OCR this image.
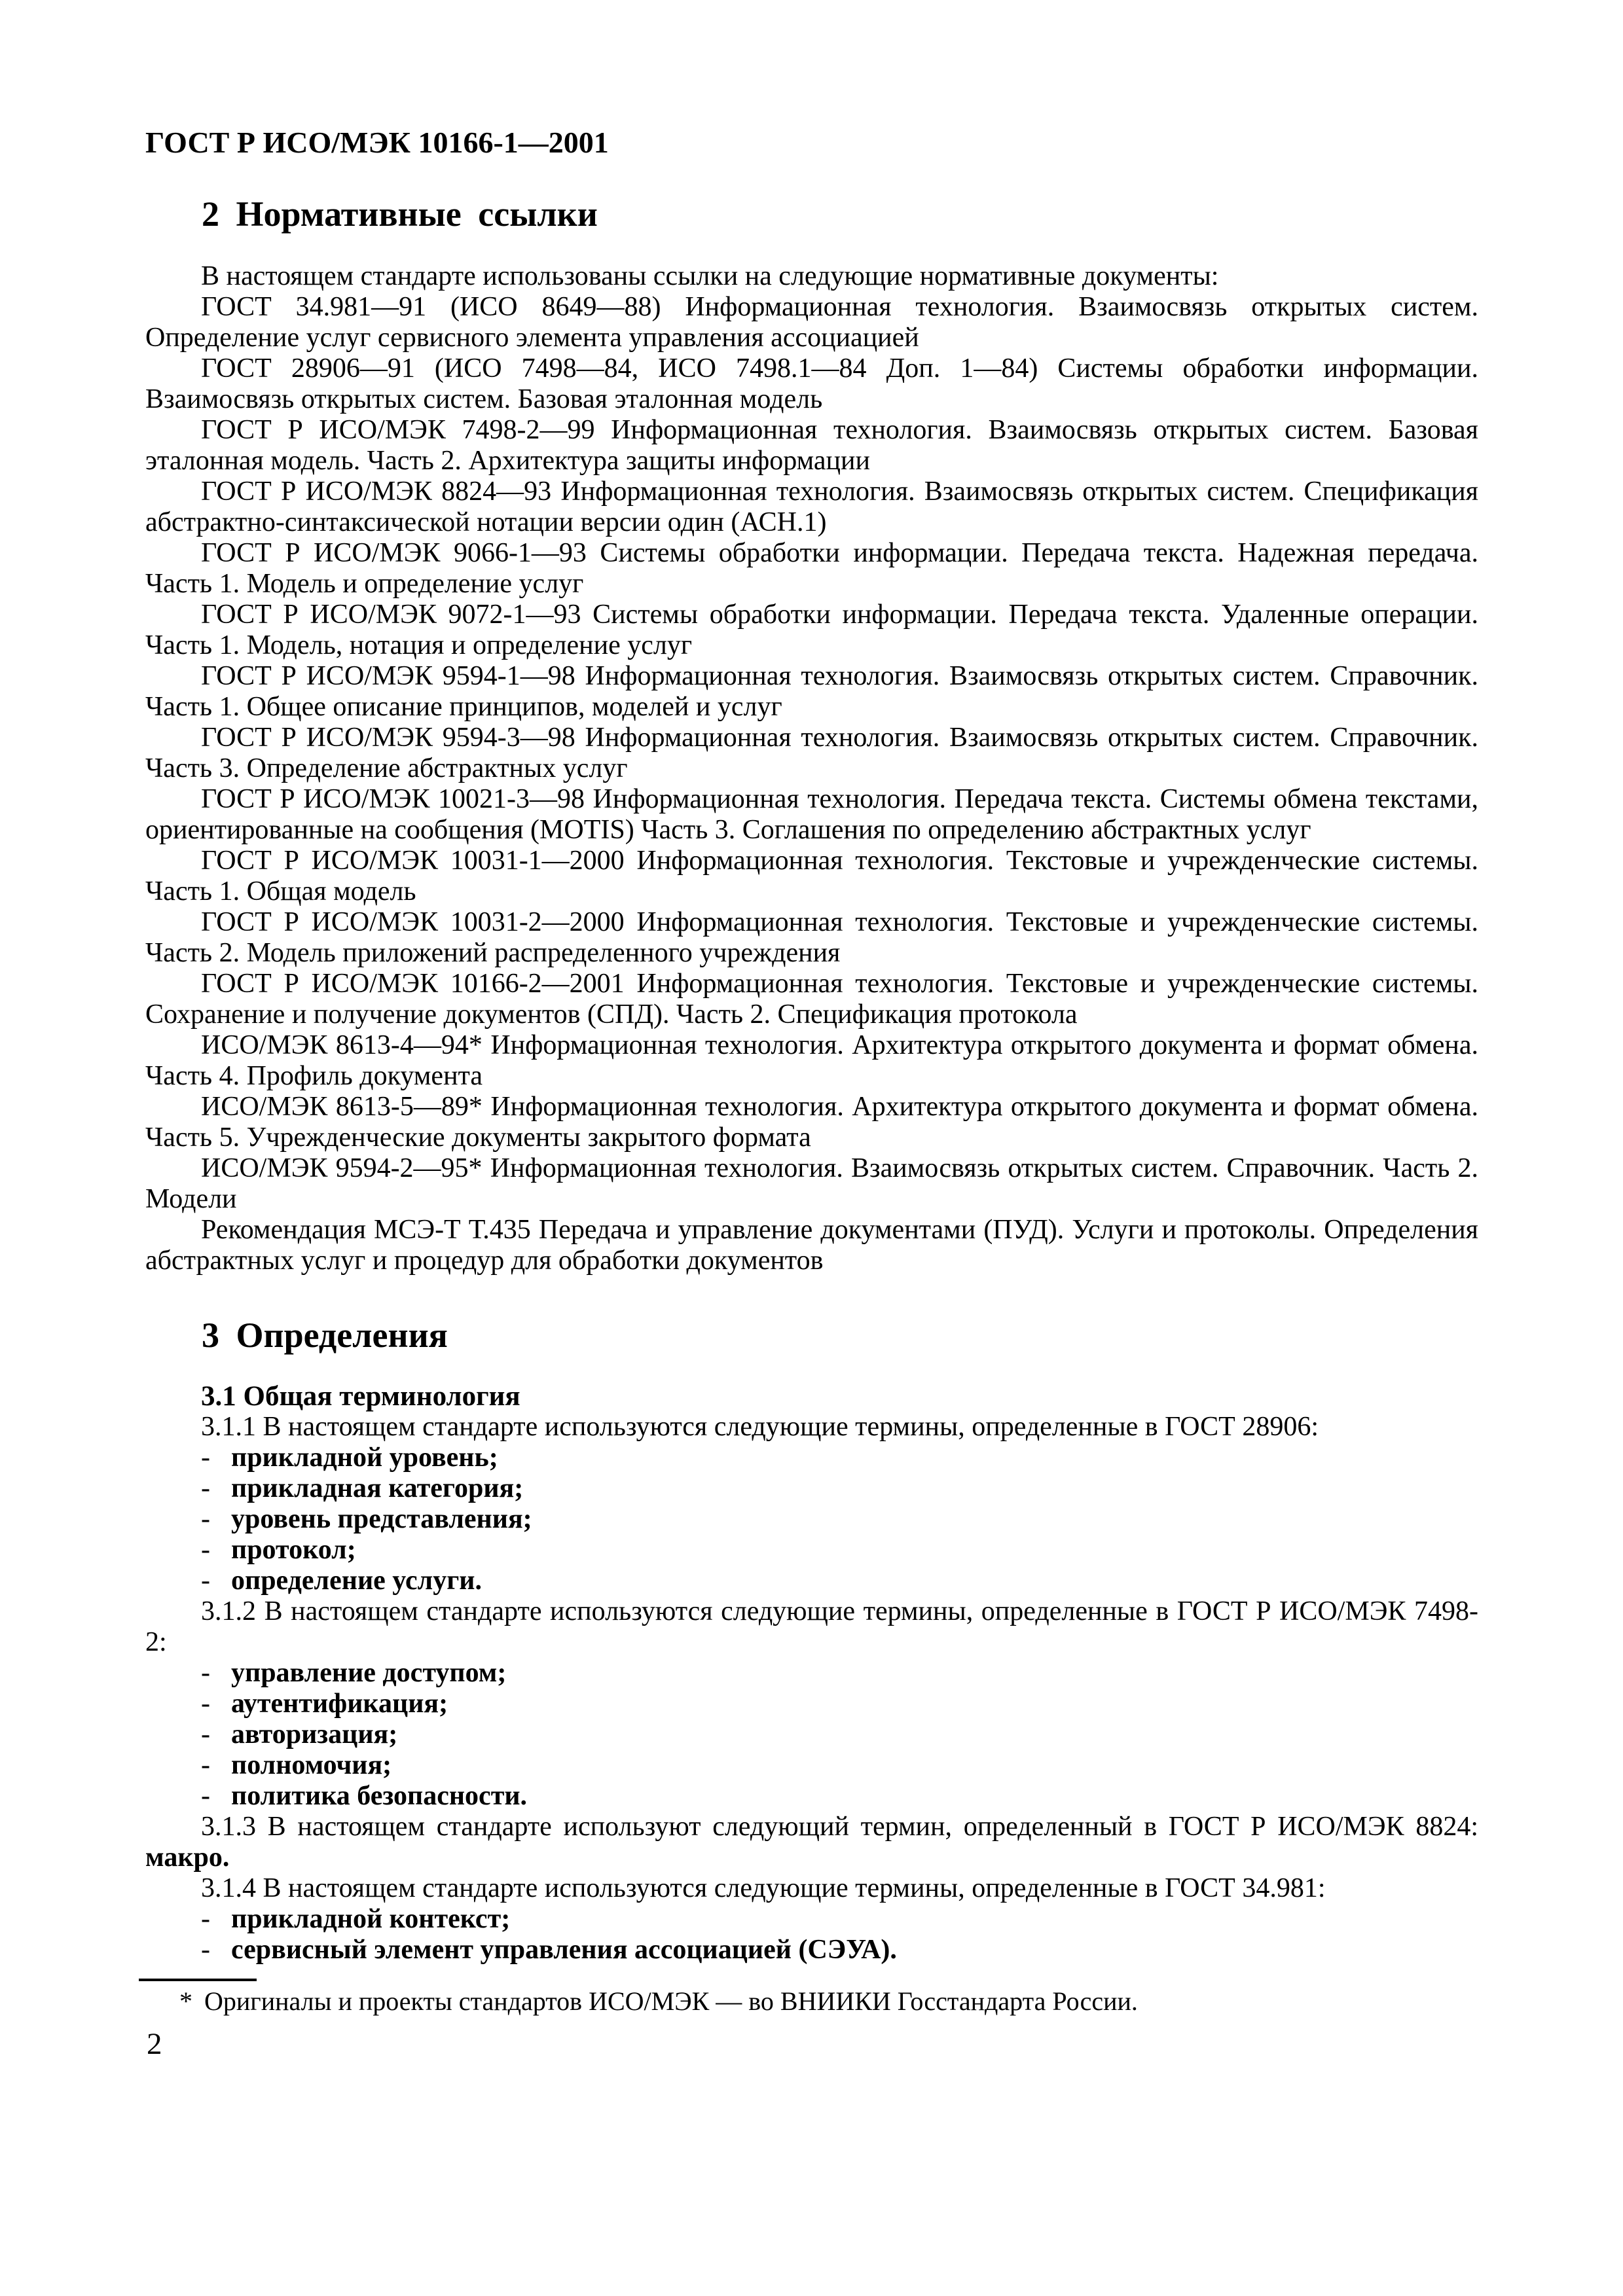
ГОСТ Р ИСО/МЭК 10166-1—2001
2 Нормативные ссылки

В настоящем стандарте использованы ссылки на следующие нормативные документы:

ГОСТ 34.981—91 (ИСО 8649—88) Информационная технология. Взаимосвязь открытых систем. Определение услуг сервисного элемента управления ассоциацией

ГОСТ 28906—91 (ИСО 7498—84, ИСО 7498.1—84 Доп. 1—84) Системы обработки информации. Взаимосвязь открытых систем. Базовая эталонная модель

ГОСТ Р ИСО/МЭК 7498-2—99 Информационная технология. Взаимосвязь открытых систем. Базовая эталонная модель. Часть 2. Архитектура защиты информации

ГОСТ Р ИСО/МЭК 8824—93 Информационная технология. Взаимосвязь открытых систем. Спецификация абстрактно-синтаксической нотации версии один (АСН.1)

ГОСТ Р ИСО/МЭК 9066-1—93 Системы обработки информации. Передача текста. Надежная передача. Часть 1. Модель и определение услуг

ГОСТ Р ИСО/МЭК 9072-1—93 Системы обработки информации. Передача текста. Удаленные операции. Часть 1. Модель, нотация и определение услуг

ГОСТ Р ИСО/МЭК 9594-1—98 Информационная технология. Взаимосвязь открытых систем. Справочник. Часть 1. Общее описание принципов, моделей и услуг

ГОСТ Р ИСО/МЭК 9594-3—98 Информационная технология. Взаимосвязь открытых систем. Справочник. Часть 3. Определение абстрактных услуг

ГОСТ Р ИСО/МЭК 10021-3—98 Информационная технология. Передача текста. Системы обмена текстами, ориентированные на сообщения (MOTIS) Часть 3. Соглашения по определению абстрактных услуг

ГОСТ Р ИСО/МЭК 10031-1—2000 Информационная технология. Текстовые и учрежденческие системы. Часть 1. Общая модель

ГОСТ Р ИСО/МЭК 10031-2—2000 Информационная технология. Текстовые и учрежденческие системы. Часть 2. Модель приложений распределенного учреждения

ГОСТ Р ИСО/МЭК 10166-2—2001 Информационная технология. Текстовые и учрежденческие системы. Сохранение и получение документов (СПД). Часть 2. Спецификация протокола

ИСО/МЭК 8613-4—94* Информационная технология. Архитектура открытого документа и формат обмена. Часть 4. Профиль документа

ИСО/МЭК 8613-5—89* Информационная технология. Архитектура открытого документа и формат обмена. Часть 5. Учрежденческие документы закрытого формата

ИСО/МЭК 9594-2—95* Информационная технология. Взаимосвязь открытых систем. Справочник. Часть 2. Модели

Рекомендация МСЭ-Т Т.435 Передача и управление документами (ПУД). Услуги и протоколы. Определения абстрактных услуг и процедур для обработки документов

3 Определения

3.1 Общая терминология

3.1.1 В настоящем стандарте используются следующие термины, определенные в ГОСТ 28906:

- прикладной уровень;
- прикладная категория;
- уровень представления;
- протокол;
- определение услуги.

3.1.2 В настоящем стандарте используются следующие термины, определенные в ГОСТ Р ИСО/МЭК 7498-2:

- управление доступом;
- аутентификация;
- авторизация;
- полномочия;
- политика безопасности.

3.1.3 В настоящем стандарте используют следующий термин, определенный в ГОСТ Р ИСО/МЭК 8824: макро.

3.1.4 В настоящем стандарте используются следующие термины, определенные в ГОСТ 34.981:

- прикладной контекст;
- сервисный элемент управления ассоциацией (СЭУА).

* Оригиналы и проекты стандартов ИСО/МЭК — во ВНИИКИ Госстандарта России.

2
